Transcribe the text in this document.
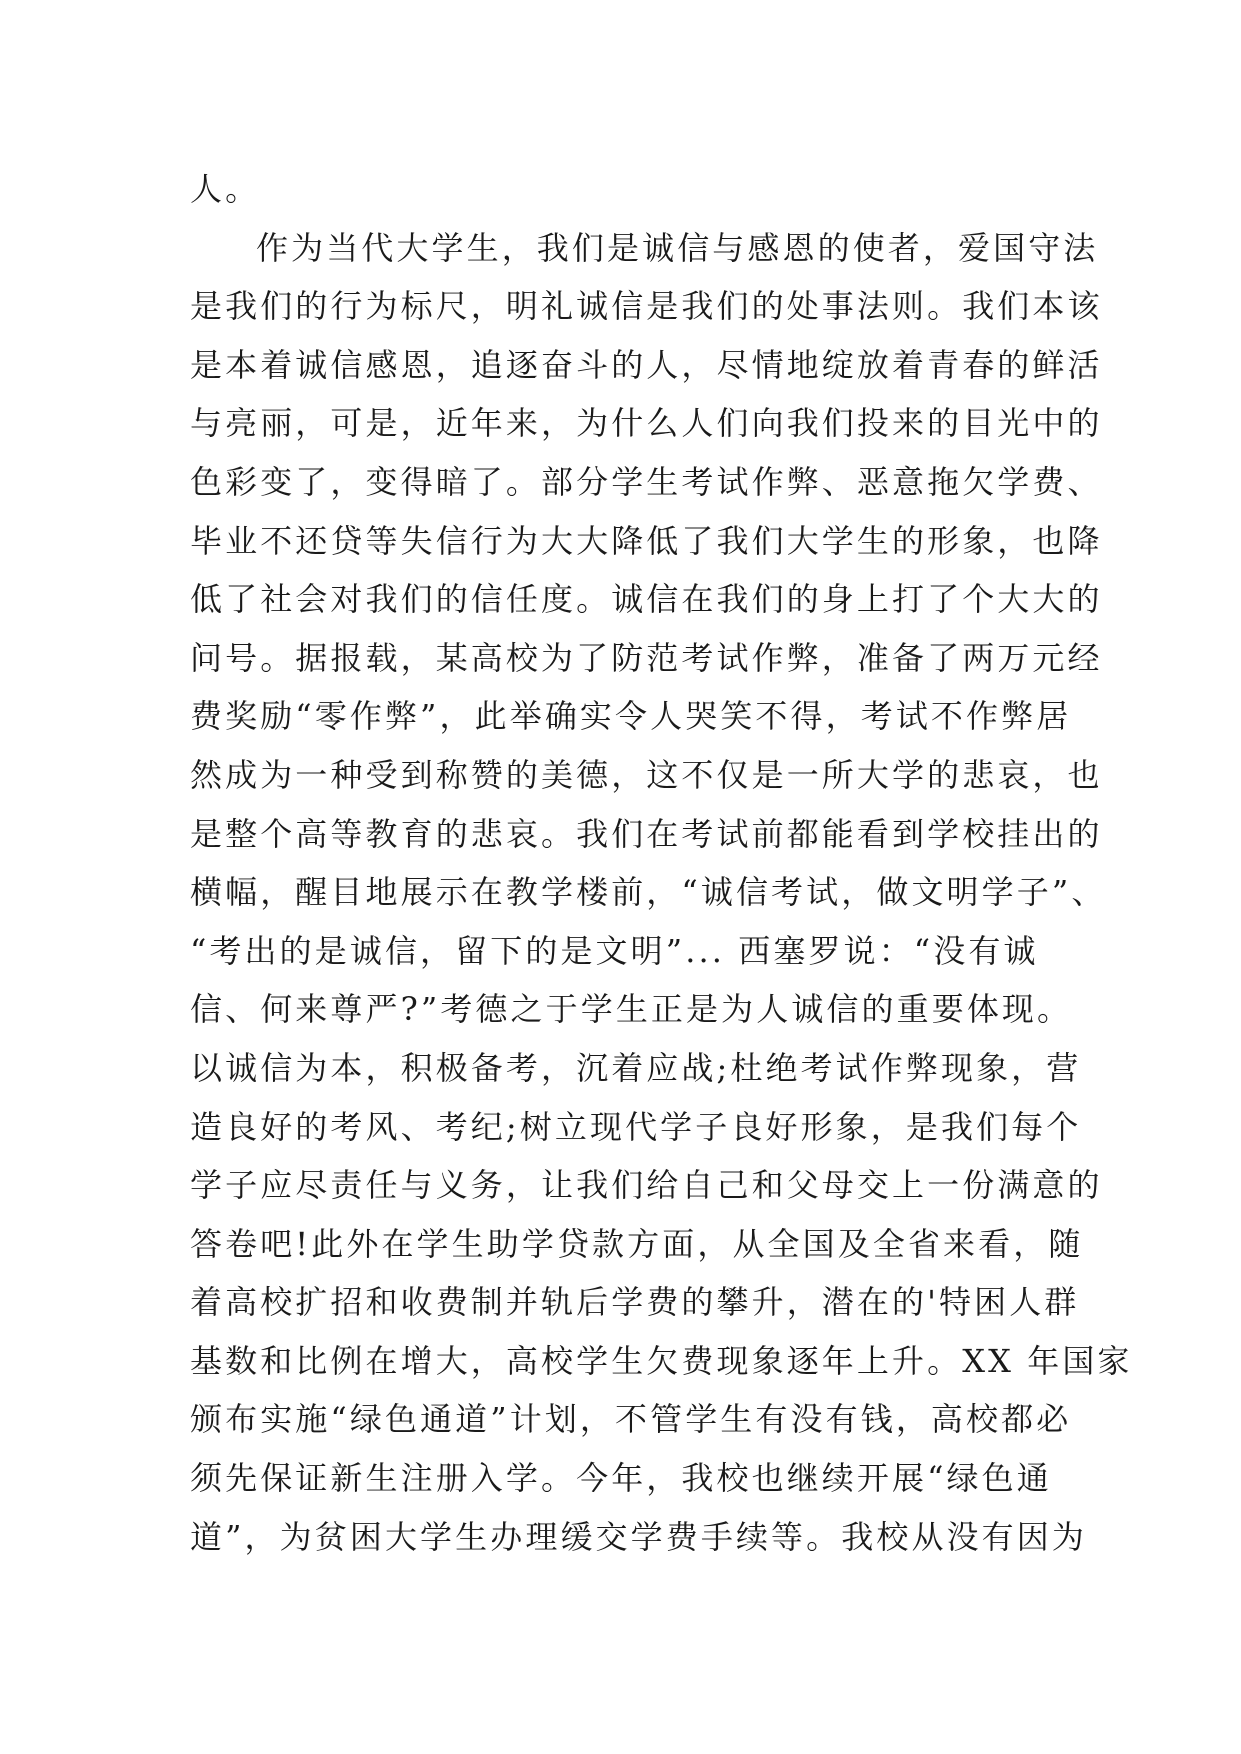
人。
作为当代大学生，我们是诚信与感恩的使者，爱国守法
是我们的行为标尺，明礼诚信是我们的处事法则。我们本该
是本着诚信感恩，追逐奋斗的人，尽情地绽放着青春的鲜活
与亮丽，可是，近年来，为什么人们向我们投来的目光中的
色彩变了，变得暗了。部分学生考试作弊、恶意拖欠学费、
毕业不还贷等失信行为大大降低了我们大学生的形象，也降
低了社会对我们的信任度。诚信在我们的身上打了个大大的
问号。据报载，某高校为了防范考试作弊，准备了两万元经
费奖励“零作弊”，此举确实令人哭笑不得，考试不作弊居
然成为一种受到称赞的美德，这不仅是一所大学的悲哀，也
是整个高等教育的悲哀。我们在考试前都能看到学校挂出的
横幅，醒目地展示在教学楼前，“诚信考试，做文明学子”、
“考出的是诚信，留下的是文明”... 西塞罗说：“没有诚
信、何来尊严?”考德之于学生正是为人诚信的重要体现。
以诚信为本，积极备考，沉着应战;杜绝考试作弊现象，营
造良好的考风、考纪;树立现代学子良好形象，是我们每个
学子应尽责任与义务，让我们给自己和父母交上一份满意的
答卷吧!此外在学生助学贷款方面，从全国及全省来看，随
着高校扩招和收费制并轨后学费的攀升，潜在的'特困人群
基数和比例在增大，高校学生欠费现象逐年上升。XX 年国家
颁布实施“绿色通道”计划，不管学生有没有钱，高校都必
须先保证新生注册入学。今年，我校也继续开展“绿色通
道”，为贫困大学生办理缓交学费手续等。我校从没有因为
